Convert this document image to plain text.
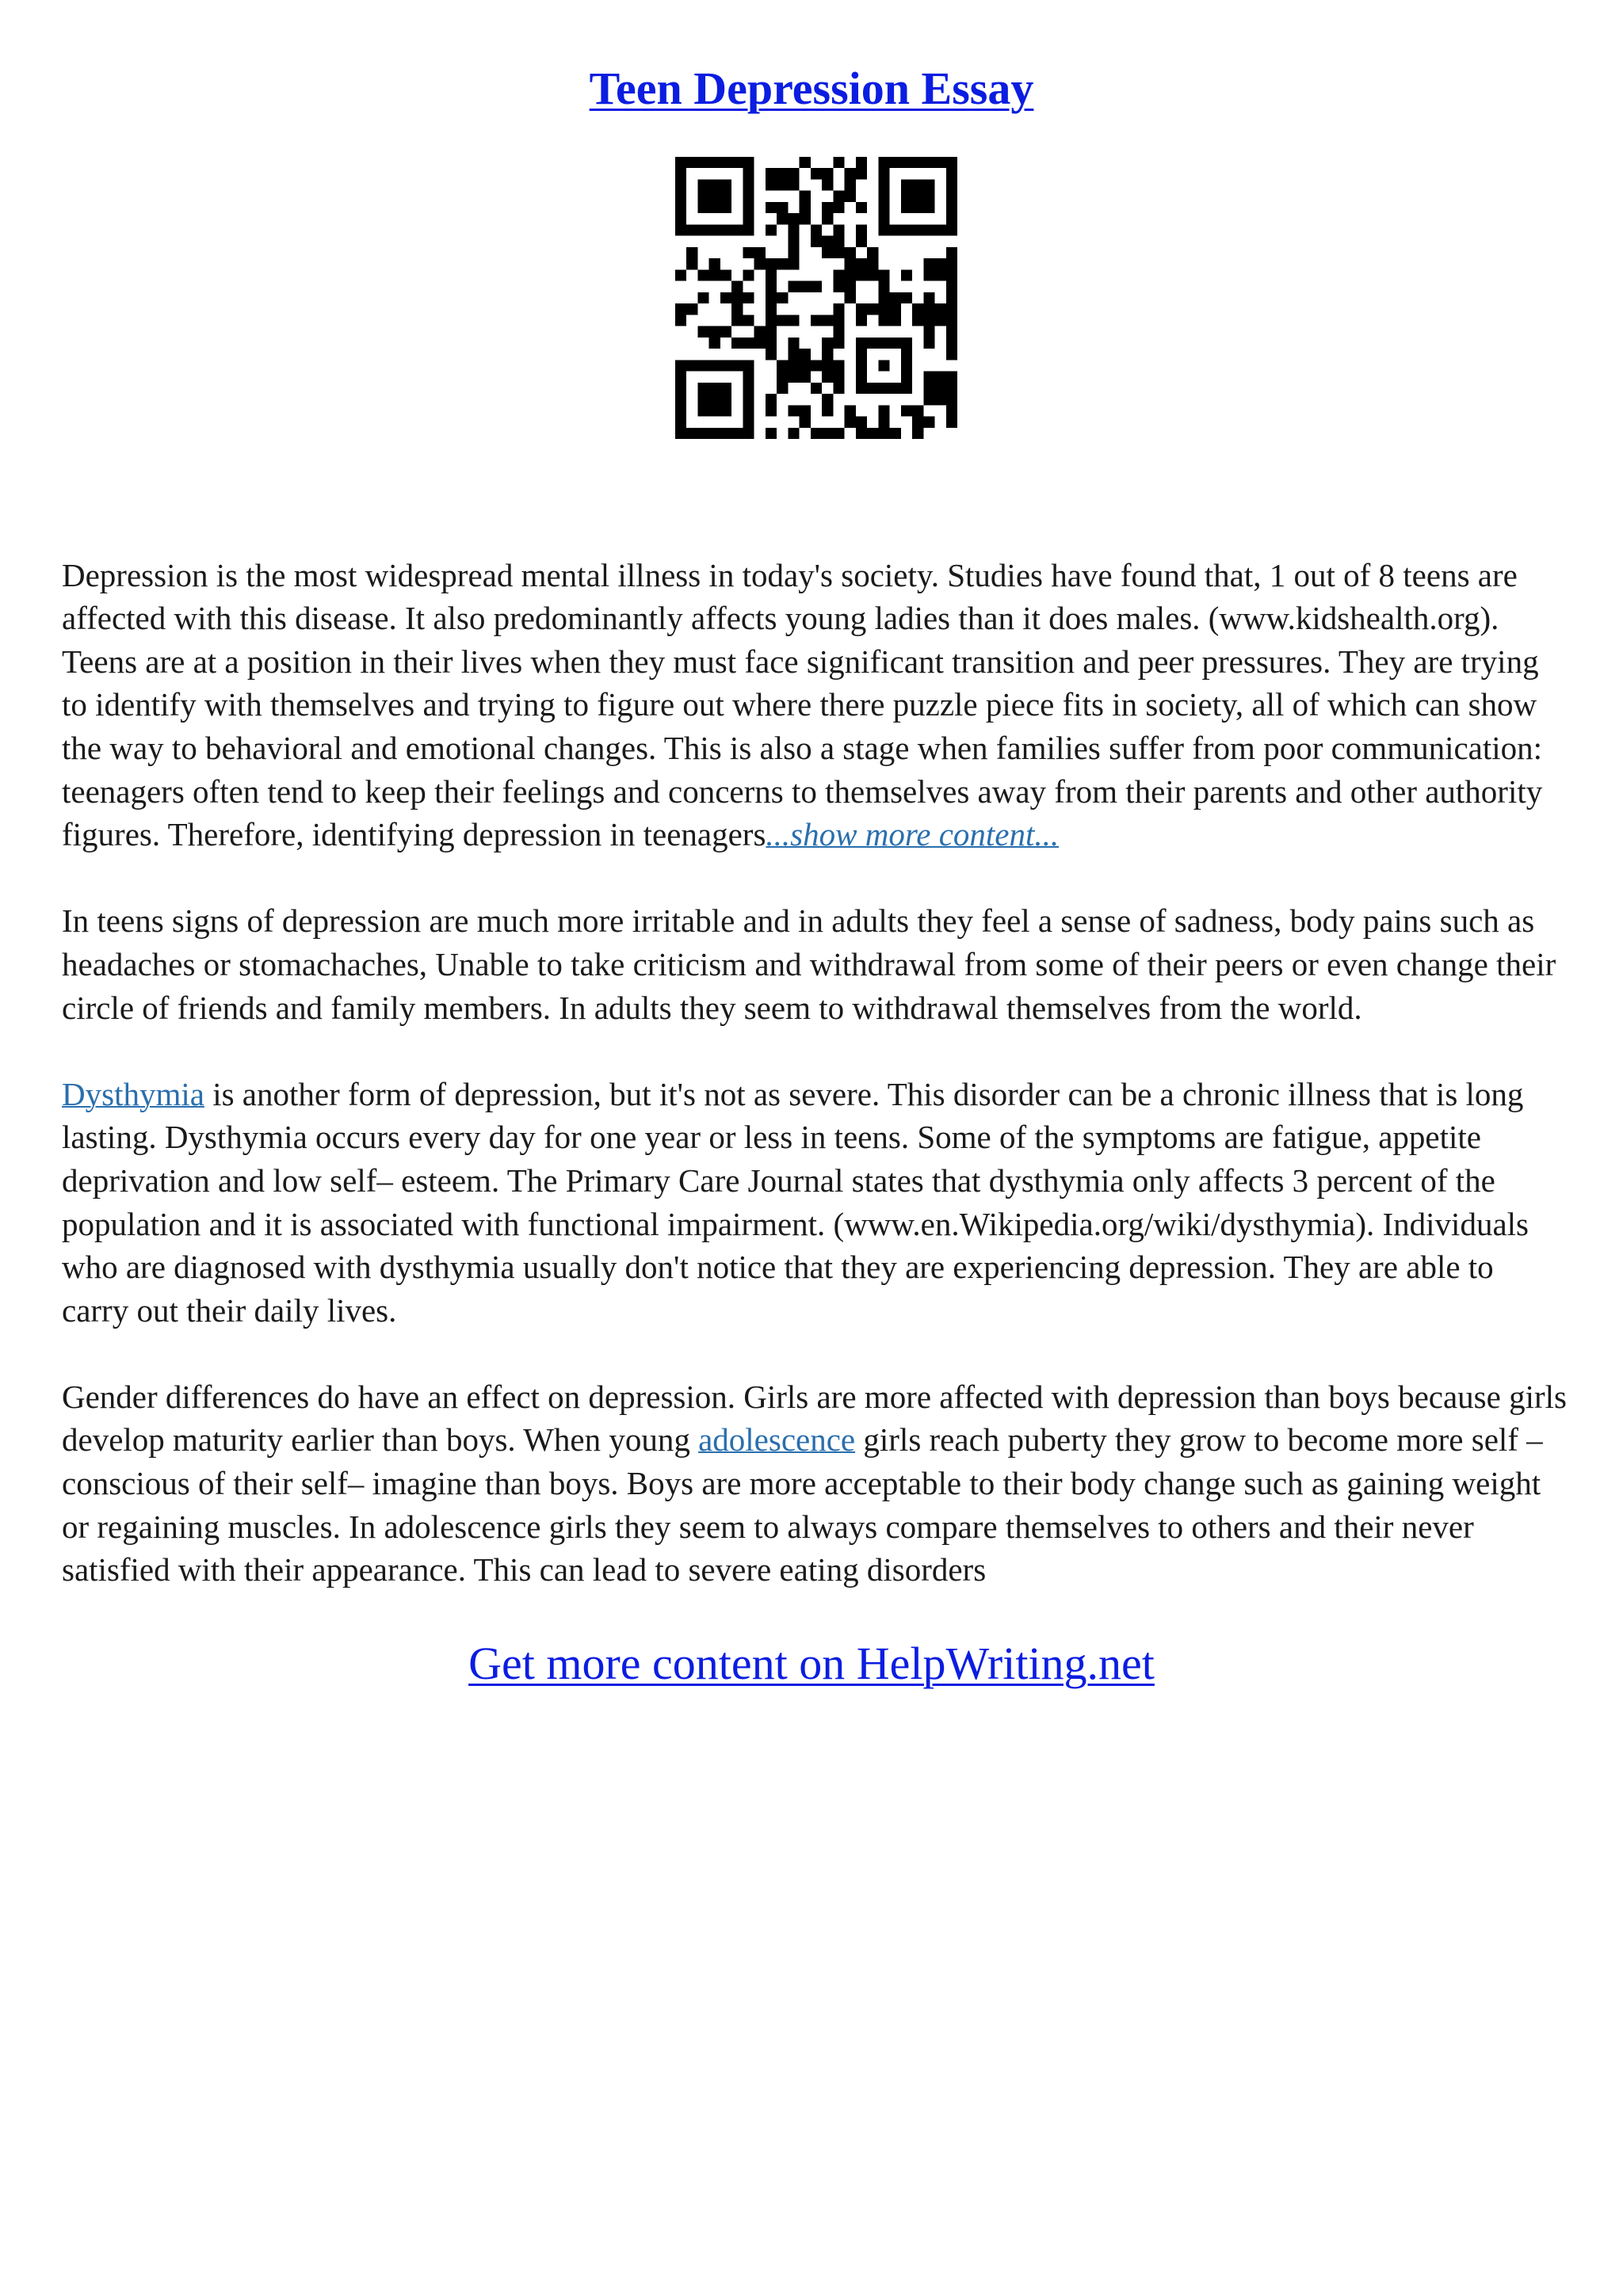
Teen Depression Essay

Depression is the most widespread mental illness in today's society. Studies have found that, 1 out of 8 teens are affected with this disease. It also predominantly affects young ladies than it does males. (www.kidshealth.org). Teens are at a position in their lives when they must face significant transition and peer pressures. They are trying to identify with themselves and trying to figure out where there puzzle piece fits in society, all of which can show the way to behavioral and emotional changes. This is also a stage when families suffer from poor communication: teenagers often tend to keep their feelings and concerns to themselves away from their parents and other authority figures. Therefore, identifying depression in teenagers...show more content...

In teens signs of depression are much more irritable and in adults they feel a sense of sadness, body pains such as headaches or stomachaches, Unable to take criticism and withdrawal from some of their peers or even change their circle of friends and family members. In adults they seem to withdrawal themselves from the world.

Dysthymia is another form of depression, but it's not as severe. This disorder can be a chronic illness that is long lasting. Dysthymia occurs every day for one year or less in teens. Some of the symptoms are fatigue, appetite deprivation and low self– esteem. The Primary Care Journal states that dysthymia only affects 3 percent of the population and it is associated with functional impairment. (www.en.Wikipedia.org/wiki/dysthymia). Individuals who are diagnosed with dysthymia usually don't notice that they are experiencing depression. They are able to carry out their daily lives.

Gender differences do have an effect on depression. Girls are more affected with depression than boys because girls develop maturity earlier than boys. When young adolescence girls reach puberty they grow to become more self –conscious of their self– imagine than boys. Boys are more acceptable to their body change such as gaining weight or regaining muscles. In adolescence girls they seem to always compare themselves to others and their never satisfied with their appearance. This can lead to severe eating disorders

Get more content on HelpWriting.net
